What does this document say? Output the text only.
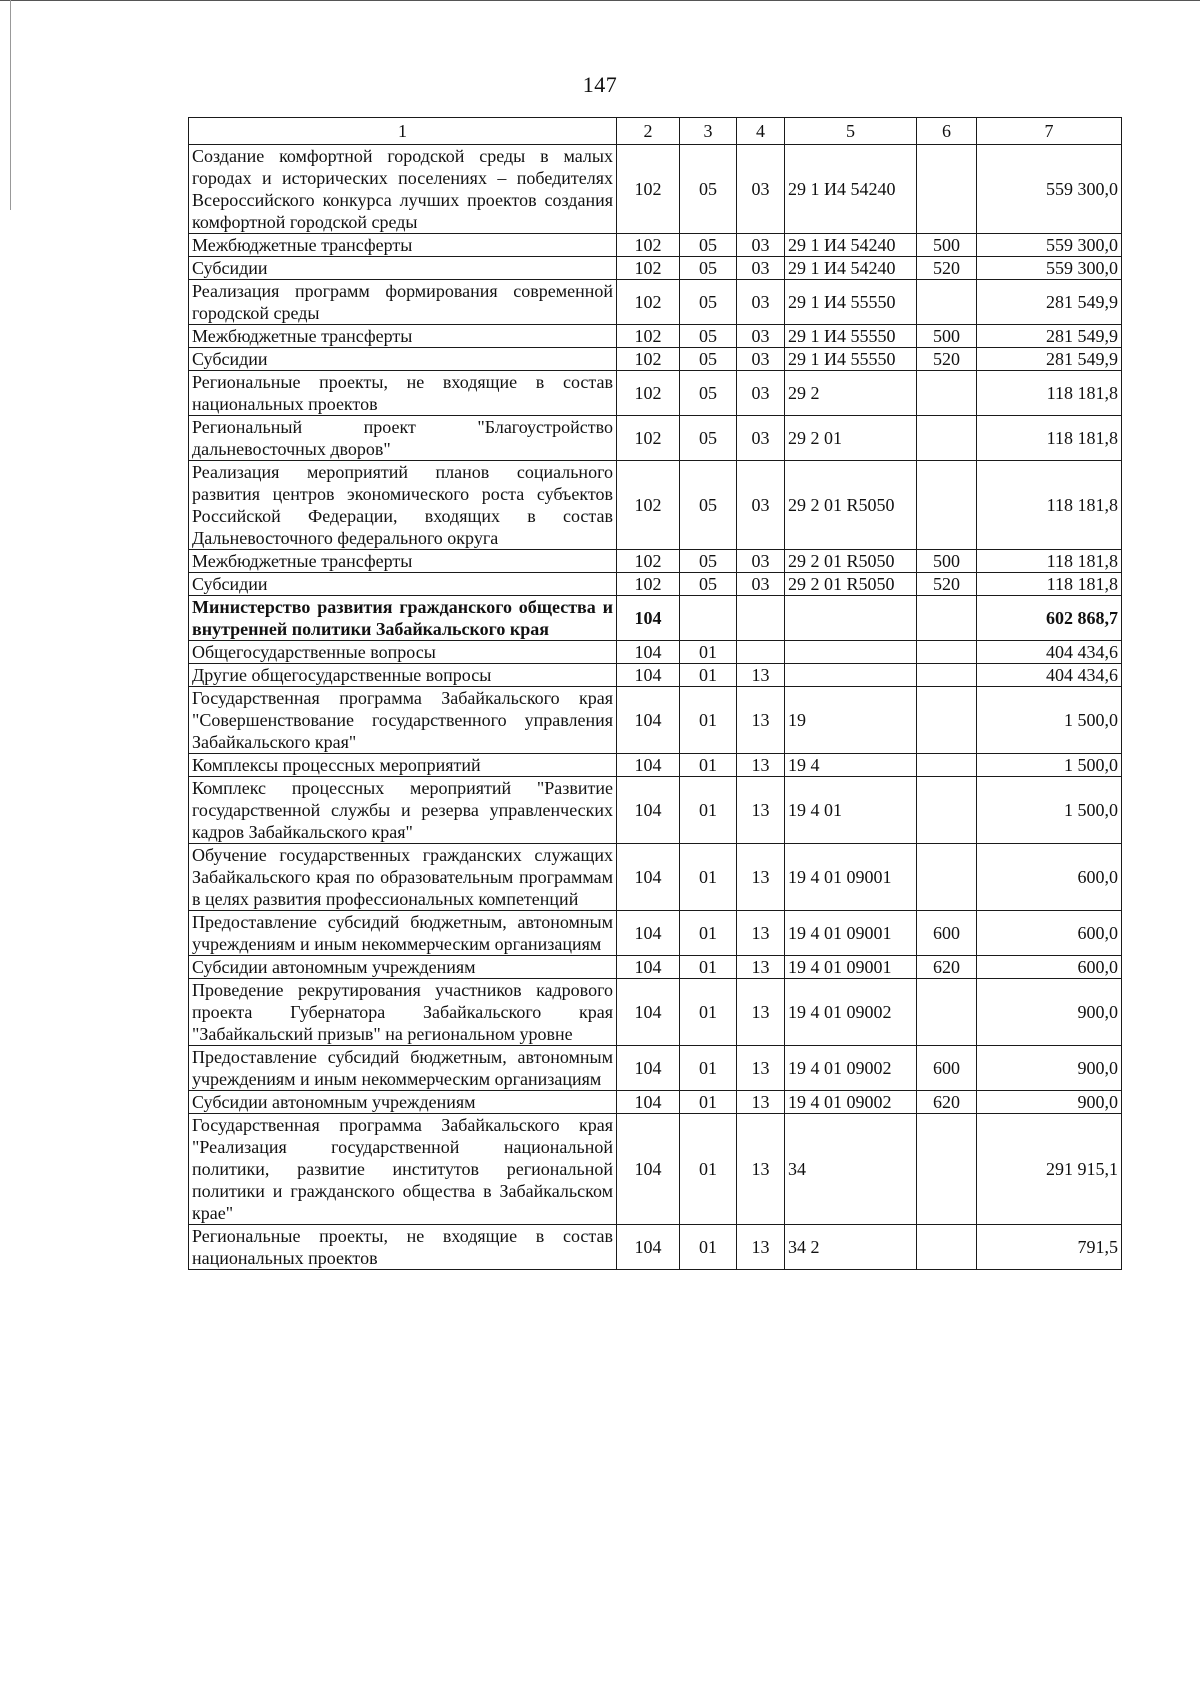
147
1	2	3	4	5	6	7
Создание комфортной городской среды в малых городах и исторических поселениях – победителях Всероссийского конкурса лучших проектов создания комфортной городской среды	102	05	03	29 1 И4 54240		559 300,0
Межбюджетные трансферты	102	05	03	29 1 И4 54240	500	559 300,0
Субсидии	102	05	03	29 1 И4 54240	520	559 300,0
Реализация программ формирования современной городской среды	102	05	03	29 1 И4 55550		281 549,9
Межбюджетные трансферты	102	05	03	29 1 И4 55550	500	281 549,9
Субсидии	102	05	03	29 1 И4 55550	520	281 549,9
Региональные проекты, не входящие в состав национальных проектов	102	05	03	29 2		118 181,8
Региональный проект "Благоустройство дальневосточных дворов"	102	05	03	29 2 01		118 181,8
Реализация мероприятий планов социального развития центров экономического роста субъектов Российской Федерации, входящих в состав Дальневосточного федерального округа	102	05	03	29 2 01 R5050		118 181,8
Межбюджетные трансферты	102	05	03	29 2 01 R5050	500	118 181,8
Субсидии	102	05	03	29 2 01 R5050	520	118 181,8
Министерство развития гражданского общества и внутренней политики Забайкальского края	104					602 868,7
Общегосударственные вопросы	104	01				404 434,6
Другие общегосударственные вопросы	104	01	13			404 434,6
Государственная программа Забайкальского края "Совершенствование государственного управления Забайкальского края"	104	01	13	19		1 500,0
Комплексы процессных мероприятий	104	01	13	19 4		1 500,0
Комплекс процессных мероприятий "Развитие государственной службы и резерва управленческих кадров Забайкальского края"	104	01	13	19 4 01		1 500,0
Обучение государственных гражданских служащих Забайкальского края по образовательным программам в целях развития профессиональных компетенций	104	01	13	19 4 01 09001		600,0
Предоставление субсидий бюджетным, автономным учреждениям и иным некоммерческим организациям	104	01	13	19 4 01 09001	600	600,0
Субсидии автономным учреждениям	104	01	13	19 4 01 09001	620	600,0
Проведение рекрутирования участников кадрового проекта Губернатора Забайкальского края "Забайкальский призыв" на региональном уровне	104	01	13	19 4 01 09002		900,0
Предоставление субсидий бюджетным, автономным учреждениям и иным некоммерческим организациям	104	01	13	19 4 01 09002	600	900,0
Субсидии автономным учреждениям	104	01	13	19 4 01 09002	620	900,0
Государственная программа Забайкальского края "Реализация государственной национальной политики, развитие институтов региональной политики и гражданского общества в Забайкальском крае"	104	01	13	34		291 915,1
Региональные проекты, не входящие в состав национальных проектов	104	01	13	34 2		791,5
